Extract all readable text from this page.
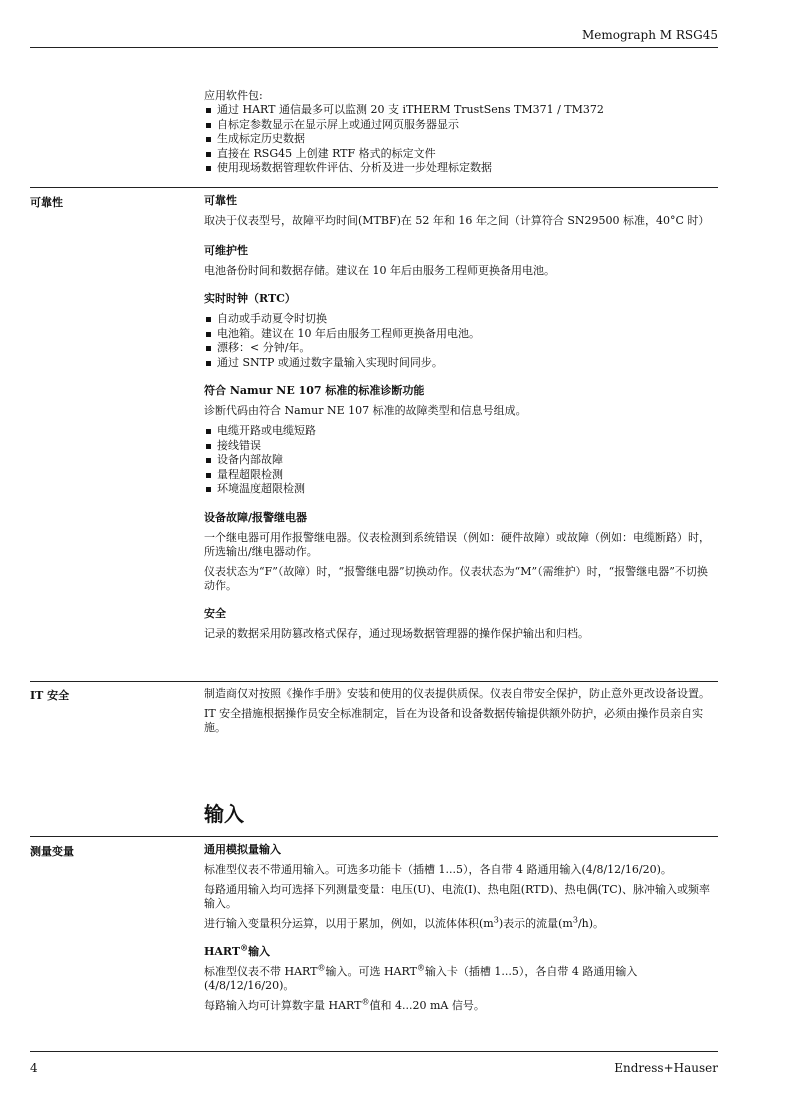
Memograph M RSG45

应用软件包:

通过 HART 通信最多可以监测 20 支 iTHERM TrustSens TM371 / TM372
自标定参数显示在显示屏上或通过网页服务器显示
生成标定历史数据
直接在 RSG45 上创建 RTF 格式的标定文件
使用现场数据管理软件评估、分析及进一步处理标定数据
可靠性	可靠性

取决于仪表型号，故障平均时间(MTBF)在 52 年和 16 年之间（计算符合 SN29500 标准，40°C 时）

可维护性

电池备份时间和数据存储。建议在 10 年后由服务工程师更换备用电池。

实时时钟（RTC）

自动或手动夏令时切换
电池箱。建议在 10 年后由服务工程师更换备用电池。
漂移：< 分钟/年。
通过 SNTP 或通过数字量输入实现时间同步。

符合 Namur NE 107 标准的标准诊断功能

诊断代码由符合 Namur NE 107 标准的故障类型和信息号组成。

电缆开路或电缆短路
接线错误
设备内部故障
量程超限检测
环境温度超限检测

设备故障/报警继电器

一个继电器可用作报警继电器。仪表检测到系统错误（例如：硬件故障）或故障（例如：电缆断路）时，所选输出/继电器动作。

仪表状态为“F”（故障）时，“报警继电器”切换动作。仪表状态为“M”（需维护）时，“报警继电器”不切换动作。

安全

记录的数据采用防篡改格式保存，通过现场数据管理器的操作保护输出和归档。

IT 安全	制造商仅对按照《操作手册》安装和使用的仪表提供质保。仪表自带安全保护，防止意外更改设备设置。

IT 安全措施根据操作员安全标准制定，旨在为设备和设备数据传输提供额外防护，必须由操作员亲自实施。

输入
测量变量	通用模拟量输入

标准型仪表不带通用输入。可选多功能卡（插槽 1...5），各自带 4 路通用输入(4/8/12/16/20)。

每路通用输入均可选择下列测量变量：电压(U)、电流(I)、热电阻(RTD)、热电偶(TC)、脉冲输入或频率输入。

进行输入变量积分运算，以用于累加，例如，以流体体积$(m^3)$表示的流量$(m^3/h)$。

HART®输入

标准型仪表不带 HART®输入。可选 HART®输入卡（插槽 1...5），各自带 4 路通用输入
(4/8/12/16/20)。

每路输入均可计算数字量 HART®值和 4...20 mA 信号。

4	Endress+Hauser
